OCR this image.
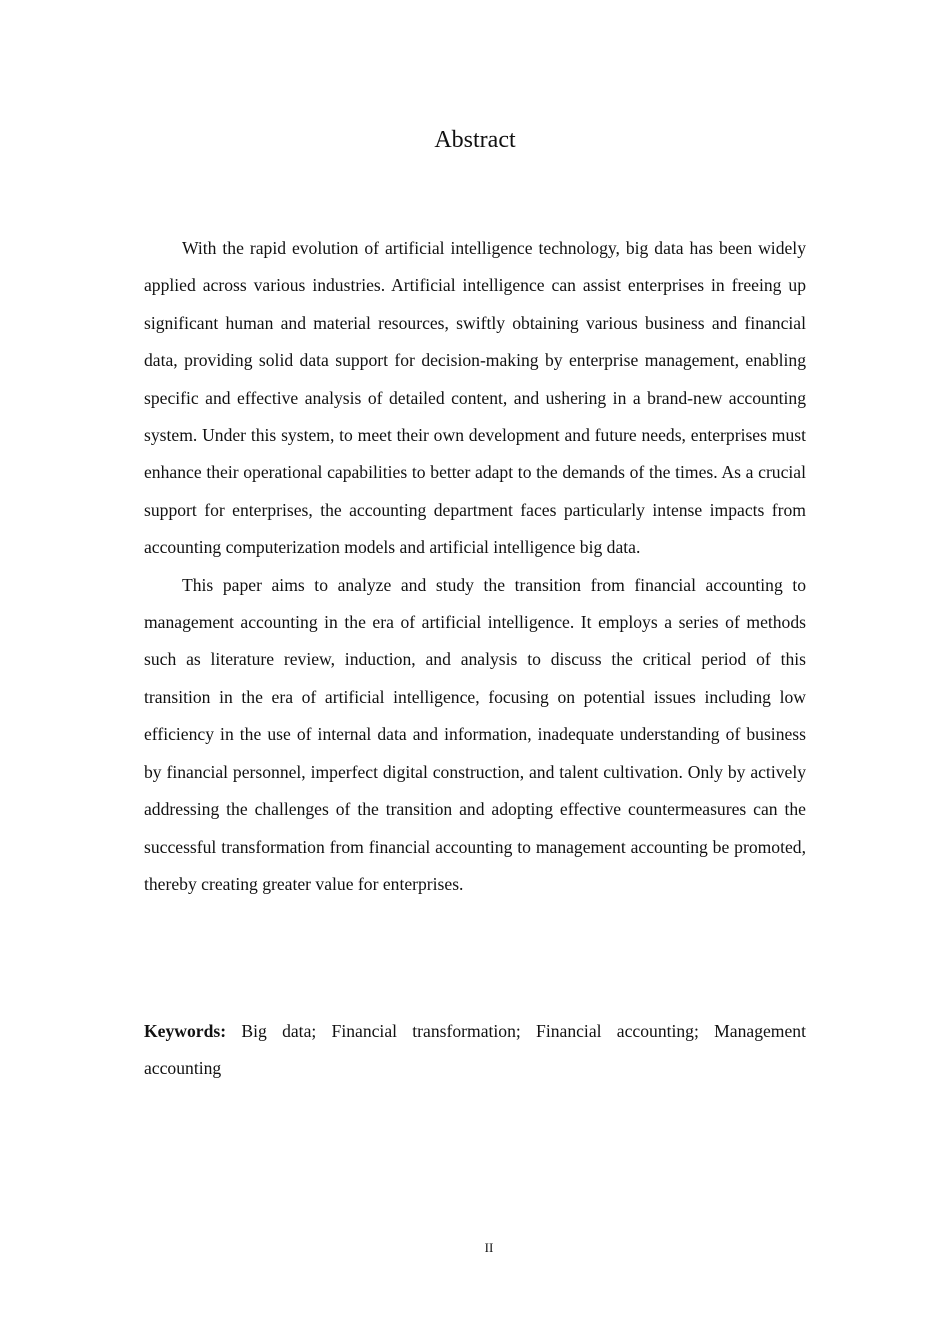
Abstract

With the rapid evolution of artificial intelligence technology, big data has been widely applied across various industries. Artificial intelligence can assist enterprises in freeing up significant human and material resources, swiftly obtaining various business and financial data, providing solid data support for decision-making by enterprise management, enabling specific and effective analysis of detailed content, and ushering in a brand-new accounting system. Under this system, to meet their own development and future needs, enterprises must enhance their operational capabilities to better adapt to the demands of the times. As a crucial support for enterprises, the accounting department faces particularly intense impacts from accounting computerization models and artificial intelligence big data.

This paper aims to analyze and study the transition from financial accounting to management accounting in the era of artificial intelligence. It employs a series of methods such as literature review, induction, and analysis to discuss the critical period of this transition in the era of artificial intelligence, focusing on potential issues including low efficiency in the use of internal data and information, inadequate understanding of business by financial personnel, imperfect digital construction, and talent cultivation. Only by actively addressing the challenges of the transition and adopting effective countermeasures can the successful transformation from financial accounting to management accounting be promoted, thereby creating greater value for enterprises.

Keywords: Big data; Financial transformation; Financial accounting; Management accounting

II
